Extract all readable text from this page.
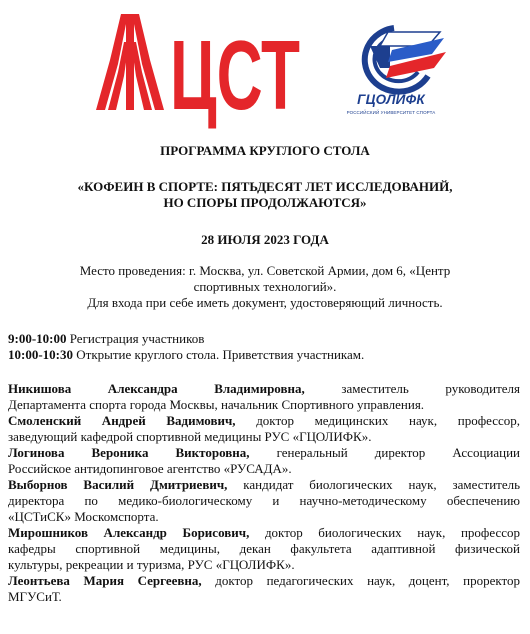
ЦСТ	ГЦОЛИФК
РОССИЙСКИЙ УНИВЕРСИТЕТ СПОРТА
ПРОГРАММА КРУГЛОГО СТОЛА
«КОФЕИН В СПОРТЕ: ПЯТЬДЕСЯТ ЛЕТ ИССЛЕДОВАНИЙ,
НО СПОРЫ ПРОДОЛЖАЮТСЯ»
28 ИЮЛЯ 2023 ГОДА
Место проведения: г. Москва, ул. Советской Армии, дом 6, «Центр
спортивных технологий».
Для входа при себе иметь документ, удостоверяющий личность.

9:00-10:00 Регистрация участников

10:00-10:30 Открытие круглого стола. Приветствия участникам.

Никишова Александра Владимировна,	заместитель руководителя
Департамента спорта города Москвы, начальник Спортивного управления.
Смоленский Андрей Вадимович, доктор медицинских наук, профессор,
заведующий кафедрой спортивной медицины РУС «ГЦОЛИФК».
Логинова Вероника Викторовна, генеральный директор Ассоциации
Российское антидопинговое агентство «РУСАДА».
Выборнов Василий Дмитриевич, кандидат биологических наук, заместитель
директора по медико-биологическому и научно-методическому обеспечению
«ЦСТиСК» Москомспорта.
Мирошников Александр Борисович, доктор биологических наук, профессор
кафедры спортивной медицины, декан факультета адаптивной физической
культуры, рекреации и туризма, РУС «ГЦОЛИФК».
Леонтьева Мария Сергеевна, доктор педагогических наук, доцент, проректор
МГУСиТ.
